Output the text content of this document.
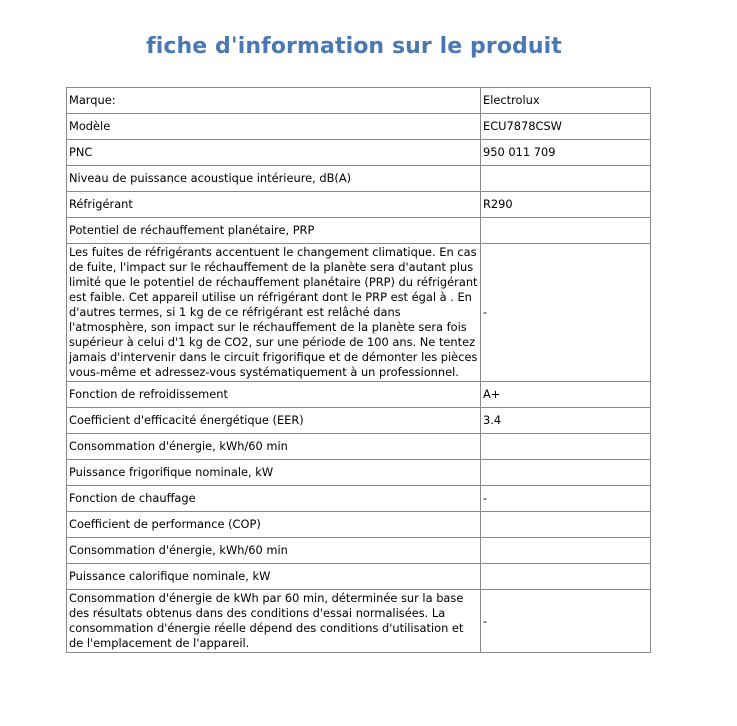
fiche d'information sur le produit
Marque:	Electrolux
Modèle	ECU7878CSW
PNC	950 011 709
Niveau de puissance acoustique intérieure, dB(A)	
Réfrigérant	R290
Potentiel de réchauffement planétaire, PRP	
Les fuites de réfrigérants accentuent le changement climatique. En cas de fuite, l'impact sur le réchauffement de la planète sera d'autant plus limité que le potentiel de réchauffement planétaire (PRP) du réfrigérant est faible. Cet appareil utilise un réfrigérant dont le PRP est égal à . En d'autres termes, si 1 kg de ce réfrigérant est relâché dans l'atmosphère, son impact sur le réchauffement de la planète sera fois supérieur à celui d'1 kg de CO2, sur une période de 100 ans. Ne tentez jamais d'intervenir dans le circuit frigorifique et de démonter les pièces vous-même et adressez-vous systématiquement à un professionnel.	-
Fonction de refroidissement	A+
Coefficient d'efficacité énergétique (EER)	3.4
Consommation d'énergie, kWh/60 min	
Puissance frigorifique nominale, kW	
Fonction de chauffage	-
Coefficient de performance (COP)	
Consommation d'énergie, kWh/60 min	
Puissance calorifique nominale, kW	
Consommation d'énergie de kWh par 60 min, déterminée sur la base des résultats obtenus dans des conditions d'essai normalisées. La consommation d'énergie réelle dépend des conditions d'utilisation et de l'emplacement de l'appareil.	-
